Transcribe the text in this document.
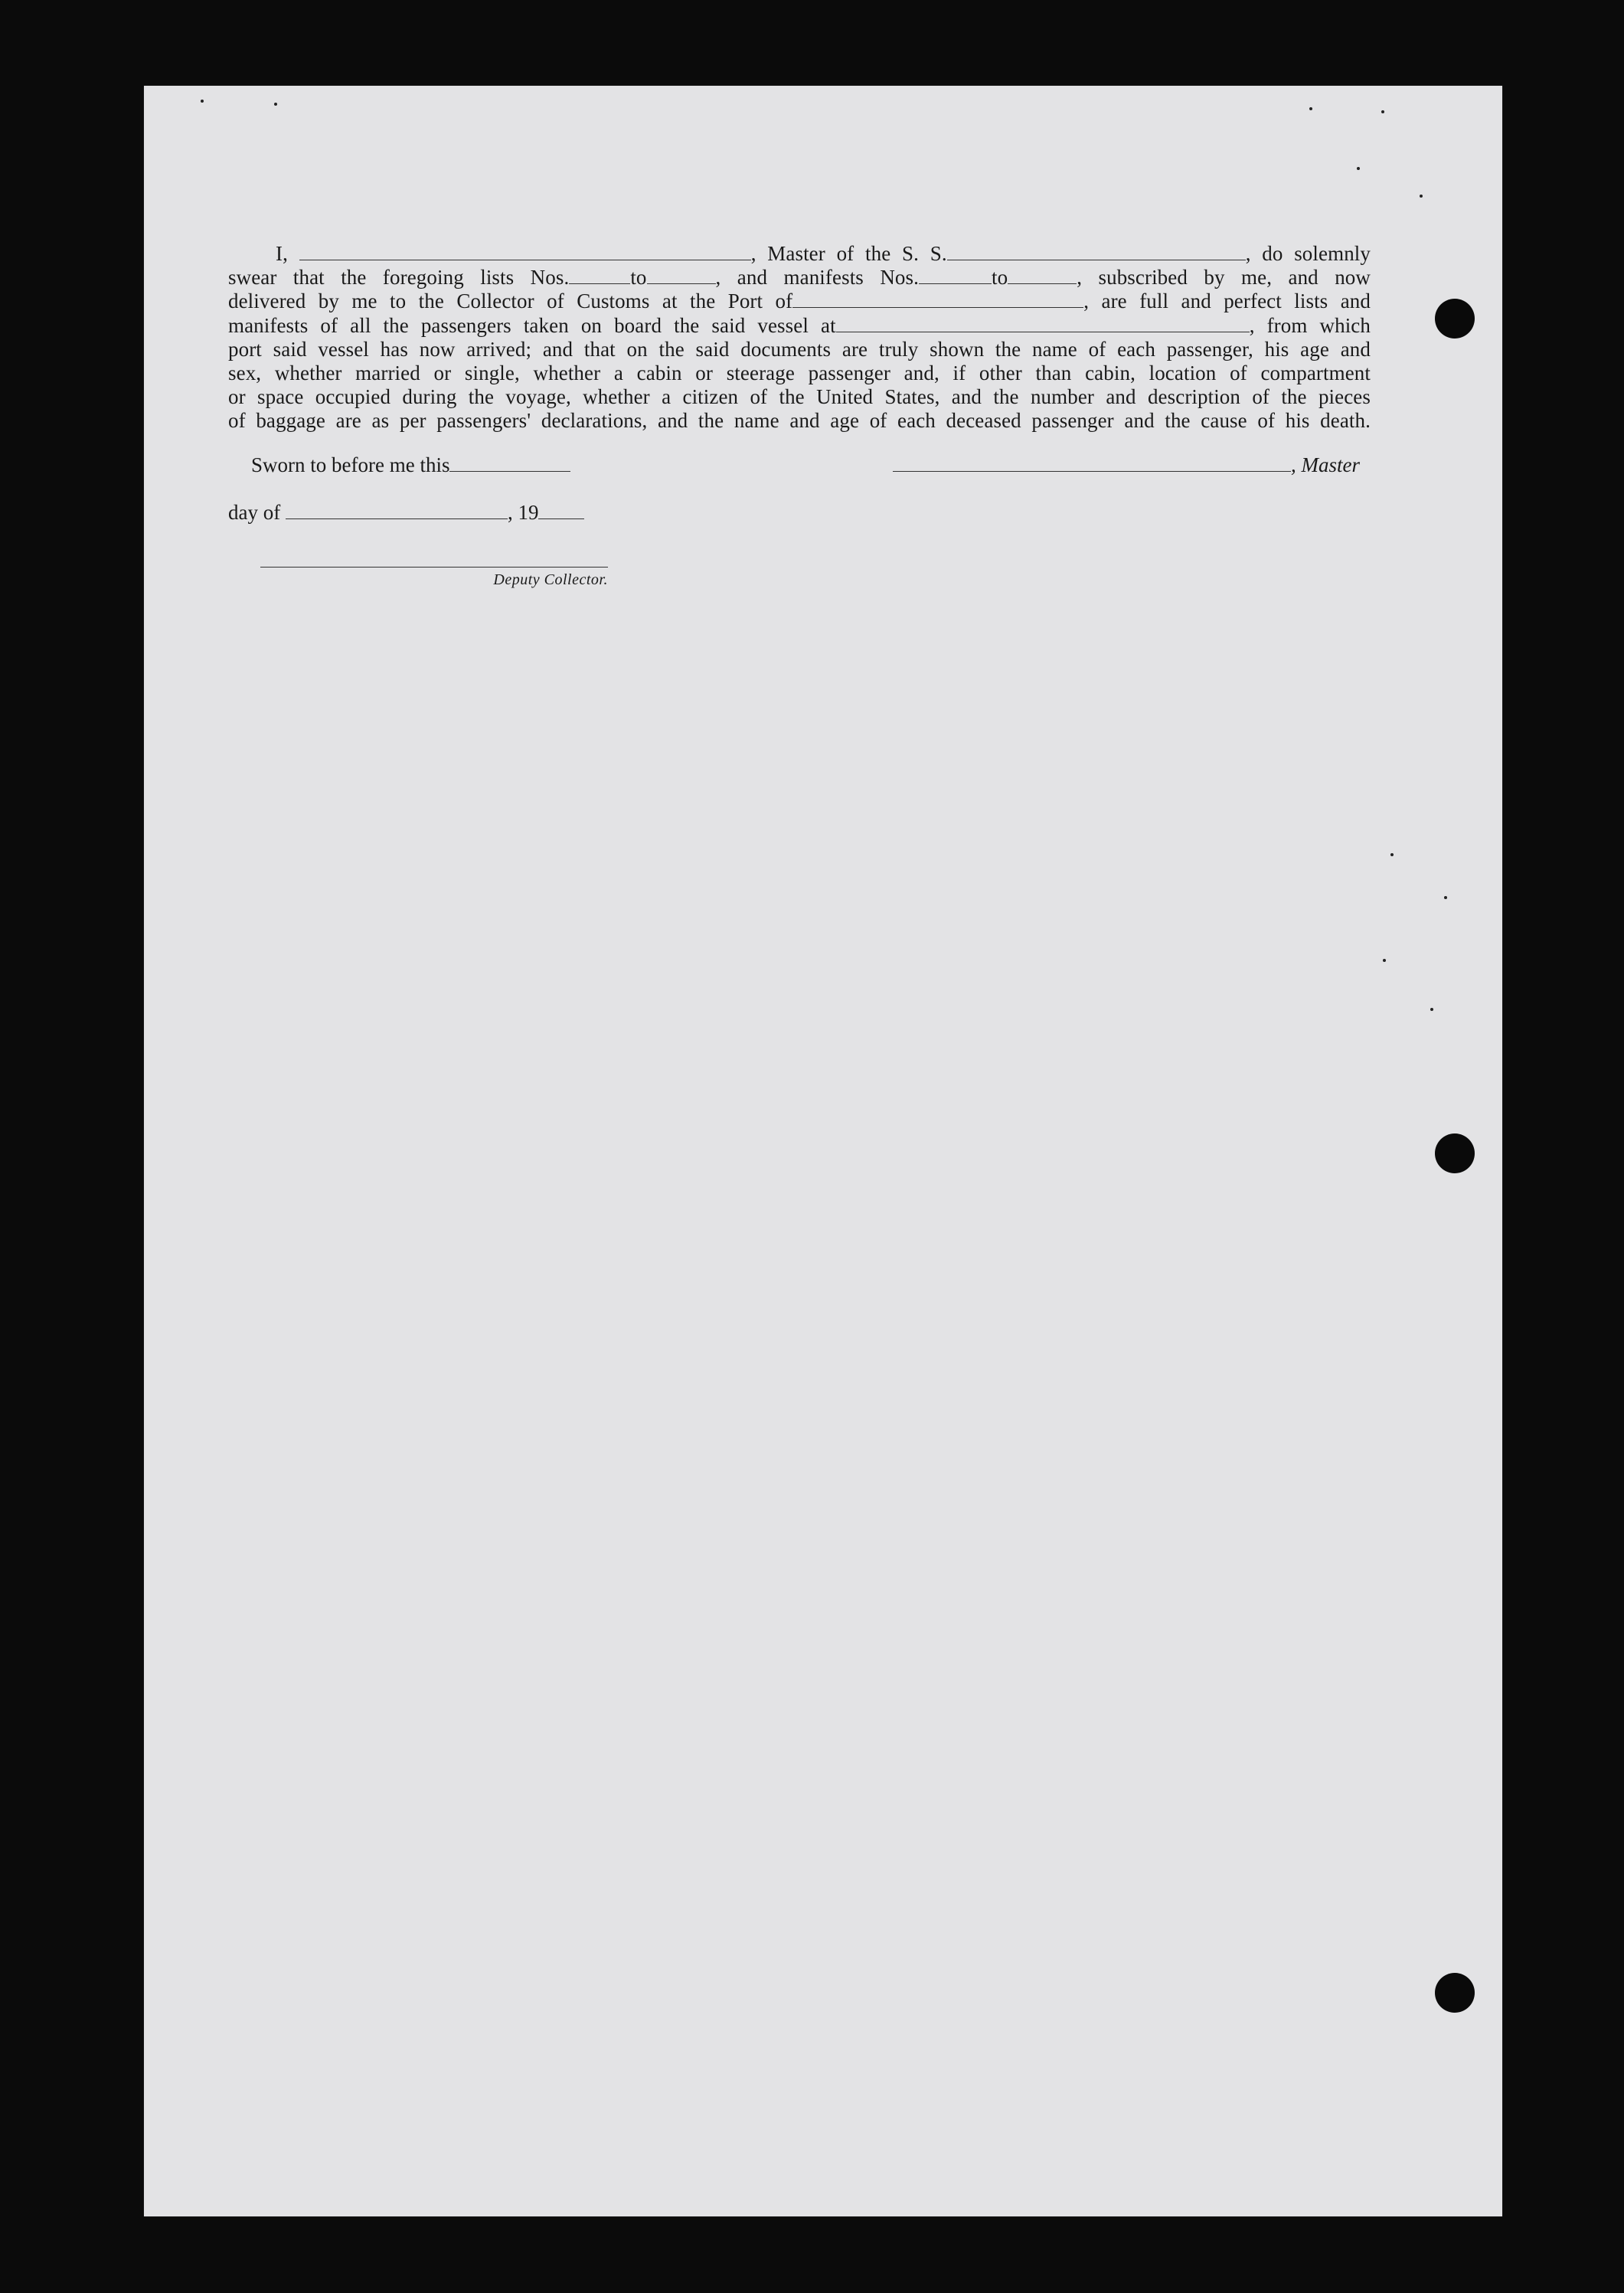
I,	, Master of the S. S.	, do solemnly
swear that the foregoing lists Nos.	to	, and manifests Nos.	to	, subscribed by me, and now
delivered by me to the Collector of Customs at the Port of	, are full and perfect lists and
manifests of all the passengers taken on board the said vessel at	, from which
port said vessel has now arrived; and that on the said documents are truly shown the name of each passenger, his age and
sex, whether married or single, whether a cabin or steerage passenger and, if other than cabin, location of compartment
or space occupied during the voyage, whether a citizen of the United States, and the number and description of the pieces
of baggage are as per passengers' declarations, and the name and age of each deceased passenger and the cause of his death.
Sworn to before me this	, Master
day of	, 19
Deputy Collector.
